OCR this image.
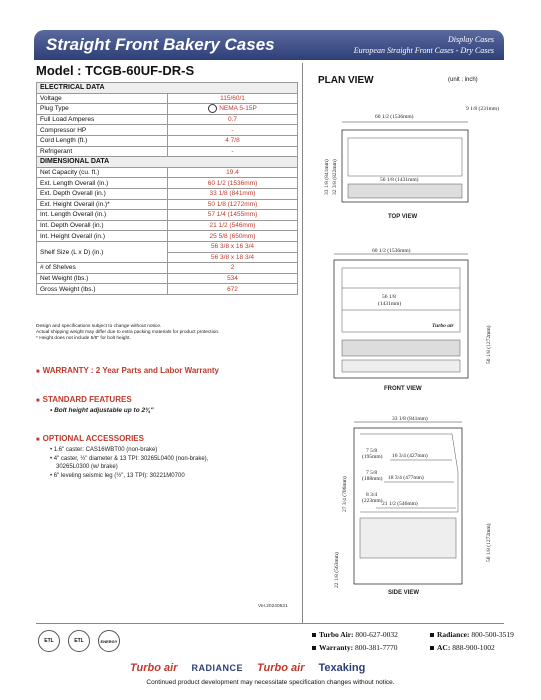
Straight Front Bakery Cases	Display Cases
European Straight Front Cases - Dry Cases
Model : TCGB-60UF-DR-S
ELECTRICAL DATA	
Voltage	115/60/1
Plug Type	NEMA 5-15P
Full Load Amperes	0.7
Compressor HP	-
Cord Length (ft.)	4 7/8
Refrigerant	-
DIMENSIONAL DATA	
Net Capacity (cu. ft.)	19.4
Ext. Length Overall (in.)	60 1/2 (1536mm)
Ext. Depth Overall (in.)	33 1/8 (841mm)
Ext. Height Overall (in.)*	50 1/8 (1272mm)
Int. Length Overall (in.)	57 1/4 (1455mm)
Int. Depth Overall (in.)	21 1/2 (546mm)
Int. Height Overall (in.)	25 5/8 (650mm)
Shelf Size (L x D) (in.)	56 3/8 x 16 3/4
	56 3/8 x 18 3/4
# of Shelves	2
Net Weight (lbs.)	534
Gross Weight (lbs.)	672
Design and specifications subject to change without notice.
Actual shipping weight may differ due to extra packing materials for product protection.
* Height does not include 5/8" for bolt height.
■ WARRANTY : 2 Year Parts and Labor Warranty
■ STANDARD FEATURES
• Bolt height adjustable up to 2¾"
■ OPTIONAL ACCESSORIES
• 1.6" caster: CAS16WBT00 (non-brake)
• 4" caster, ½" diameter & 13 TPI: 30265L0400 (non-brake),
30265L0300 (w/ brake)
• 6" leveling seismic leg (½", 13 TPI): 30221M0700
Ver.20240531
PLAN VIEW	(unit : inch)
60 1/2 (1536mm)
9 1/8 (231mm)
56 1/8 (1431mm)
33 1/8 (841mm) 32 3/8 (822mm)
TOP VIEW
60 1/2 (1536mm)
56 1/8
(1431mm)
Turbo air	50 1/8 (1272mm)
FRONT VIEW
33 1/8 (841mm)
16 3/4 (427mm)
18 3/4 (477mm)
21 1/2 (546mm)
7 5/8
(195mm)
7 5/8
(188mm)
8 3/4
(223mm)
27 3/4 (706mm)
22 1/8 (563mm)
50 1/8 (1272mm)
SIDE VIEW
ETL	ETL	ENERGY
Turbo Air: 800-627-0032	Radiance: 800-500-3519
Warranty: 800-381-7770	AC: 888-900-1002
Turbo air RADIANCE Turbo air Texaking
Continued product development may necessitate specification changes without notice.
